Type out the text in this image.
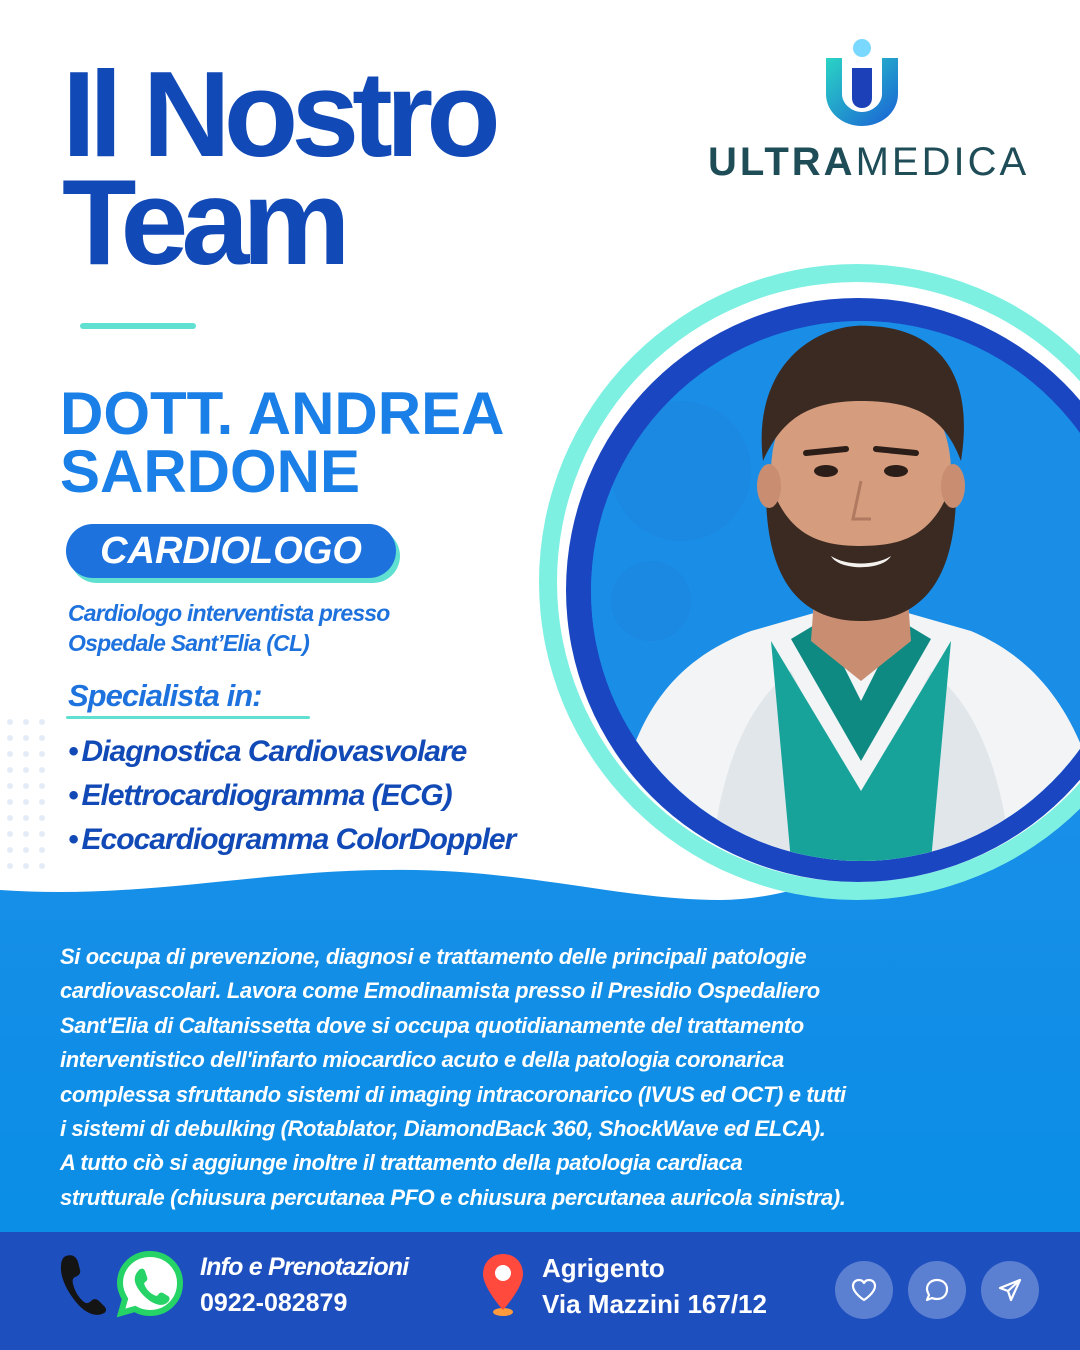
Il Nostro
Team	ULTRAMEDICA
DOTT. ANDREA
SARDONE
CARDIOLOGO
Cardiologo interventista presso
Ospedale Sant’Elia (CL)
Specialista in:
• Diagnostica Cardiovasvolare
• Elettrocardiogramma (ECG)
• Ecocardiogramma ColorDoppler

Si occupa di prevenzione, diagnosi e trattamento delle principali patologie
cardiovascolari. Lavora come Emodinamista presso il Presidio Ospedaliero
Sant'Elia di Caltanissetta dove si occupa quotidianamente del trattamento
interventistico dell'infarto miocardico acuto e della patologia coronarica
complessa sfruttando sistemi di imaging intracoronarico (IVUS ed OCT) e tutti
i sistemi di debulking (Rotablator, DiamondBack 360, ShockWave ed ELCA).
A tutto ciò si aggiunge inoltre il trattamento della patologia cardiaca
strutturale (chiusura percutanea PFO e chiusura percutanea auricola sinistra).

Info e Prenotazioni
0922-082879
Agrigento
Via Mazzini 167/12
